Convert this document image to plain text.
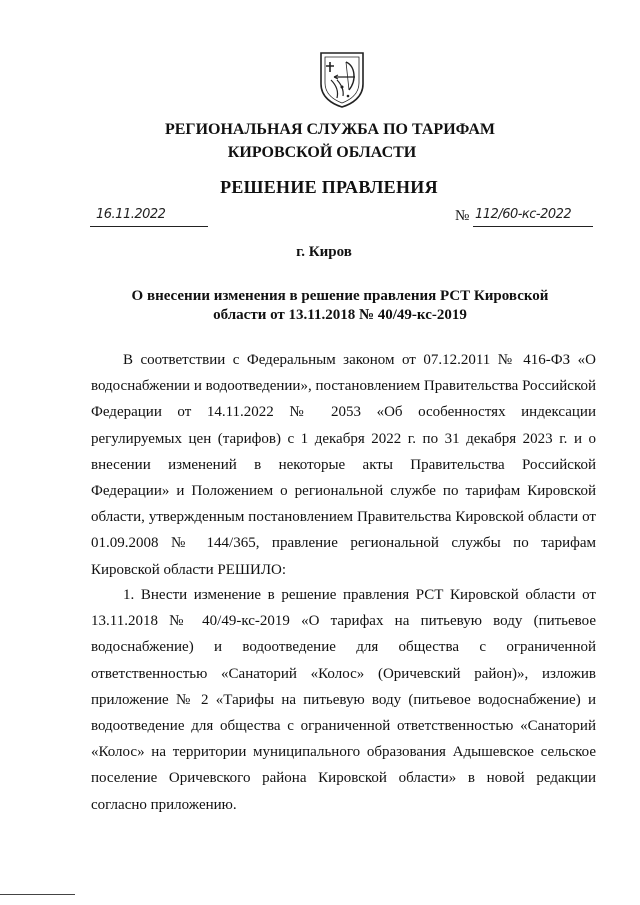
РЕГИОНАЛЬНАЯ СЛУЖБА ПО ТАРИФАМ
КИРОВСКОЙ ОБЛАСТИ
РЕШЕНИЕ ПРАВЛЕНИЯ
16.11.2022	№ 112/60-кс-2022
г. Киров
О внесении изменения в решение правления РСТ Кировской
области от 13.11.2018 № 40/49-кс-2019

В соответствии с Федеральным законом от 07.12.2011 № 416-ФЗ «О водоснабжении и водоотведении», постановлением Правительства Российской Федерации от 14.11.2022 № 2053 «Об особенностях индексации регулируемых цен (тарифов) с 1 декабря 2022 г. по 31 декабря 2023 г. и о внесении изменений в некоторые акты Правительства Российской Федерации» и Положением о региональной службе по тарифам Кировской области, утвержденным постановлением Правительства Кировской области от 01.09.2008 № 144/365, правление региональной службы по тарифам Кировской области РЕШИЛО:

1. Внести изменение в решение правления РСТ Кировской области от 13.11.2018 № 40/49-кс-2019 «О тарифах на питьевую воду (питьевое водоснабжение) и водоотведение для общества с ограниченной ответственностью «Санаторий «Колос» (Оричевский район)», изложив приложение № 2 «Тарифы на питьевую воду (питьевое водоснабжение) и водоотведение для общества с ограниченной ответственностью «Санаторий «Колос» на территории муниципального образования Адышевское сельское поселение Оричевского района Кировской области» в новой редакции согласно приложению.
